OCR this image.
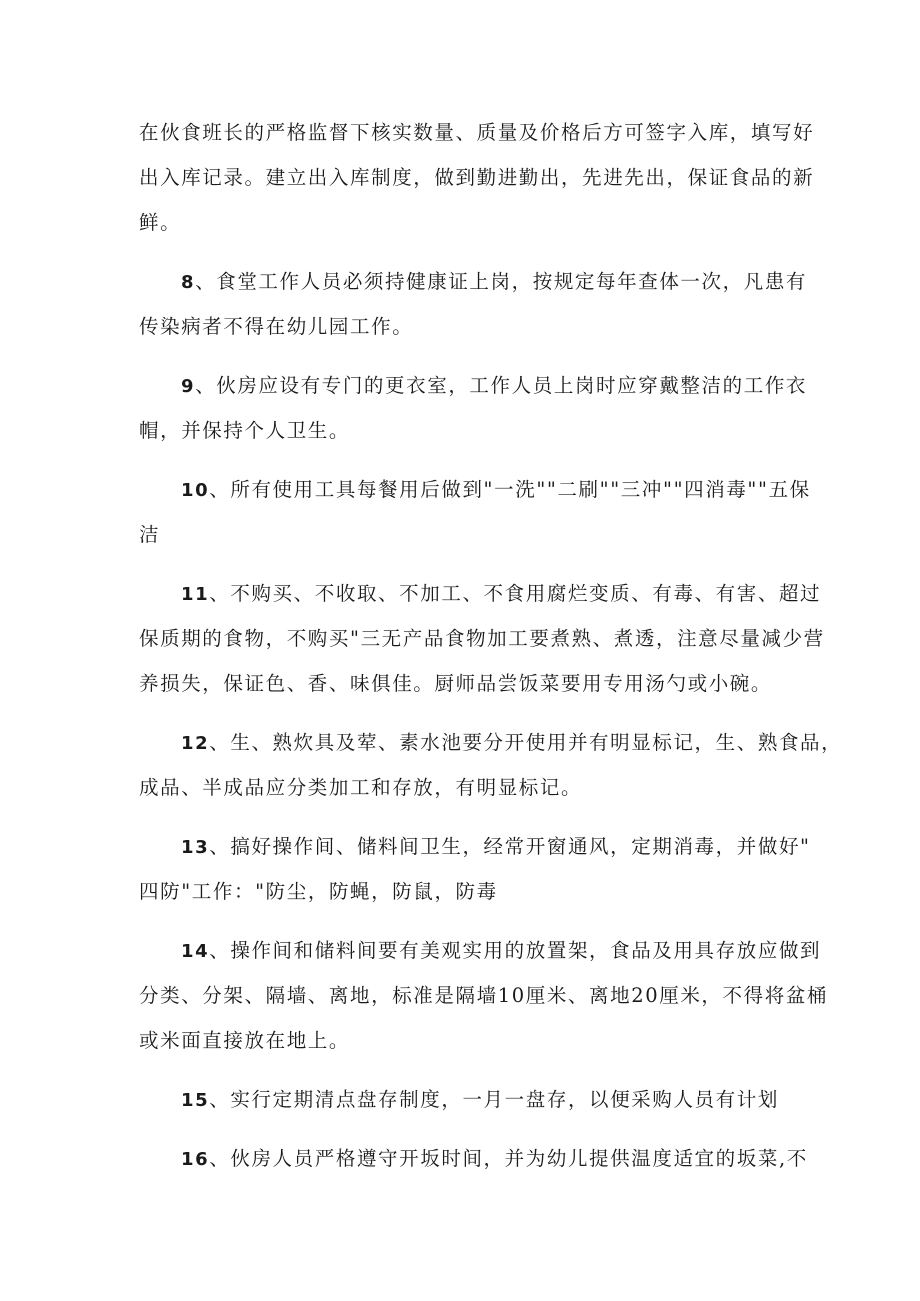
在伙食班长的严格监督下核实数量、质量及价格后方可签字入库，填写好
出入库记录。建立出入库制度，做到勤进勤出，先进先出，保证食品的新
鲜。
8、食堂工作人员必须持健康证上岗，按规定每年查体一次，凡患有
传染病者不得在幼儿园工作。
9、伙房应设有专门的更衣室，工作人员上岗时应穿戴整洁的工作衣
帽，并保持个人卫生。
10、所有使用工具每餐用后做到"一洗""二刷""三冲""四消毒""五保
洁
11、不购买、不收取、不加工、不食用腐烂变质、有毒、有害、超过
保质期的食物，不购买"三无产品食物加工要煮熟、煮透，注意尽量减少营
养损失，保证色、香、味俱佳。厨师品尝饭菜要用专用汤勺或小碗。
12、生、熟炊具及荤、素水池要分开使用并有明显标记，生、熟食品，
成品、半成品应分类加工和存放，有明显标记。
13、搞好操作间、储料间卫生，经常开窗通风，定期消毒，并做好"
四防"工作："防尘，防蝇，防鼠，防毒
14、操作间和储料间要有美观实用的放置架，食品及用具存放应做到
分类、分架、隔墙、离地，标准是隔墙10厘米、离地20厘米，不得将盆桶
或米面直接放在地上。
15、实行定期清点盘存制度，一月一盘存，以便采购人员有计划
16、伙房人员严格遵守开坂时间，并为幼儿提供温度适宜的坂菜,不
